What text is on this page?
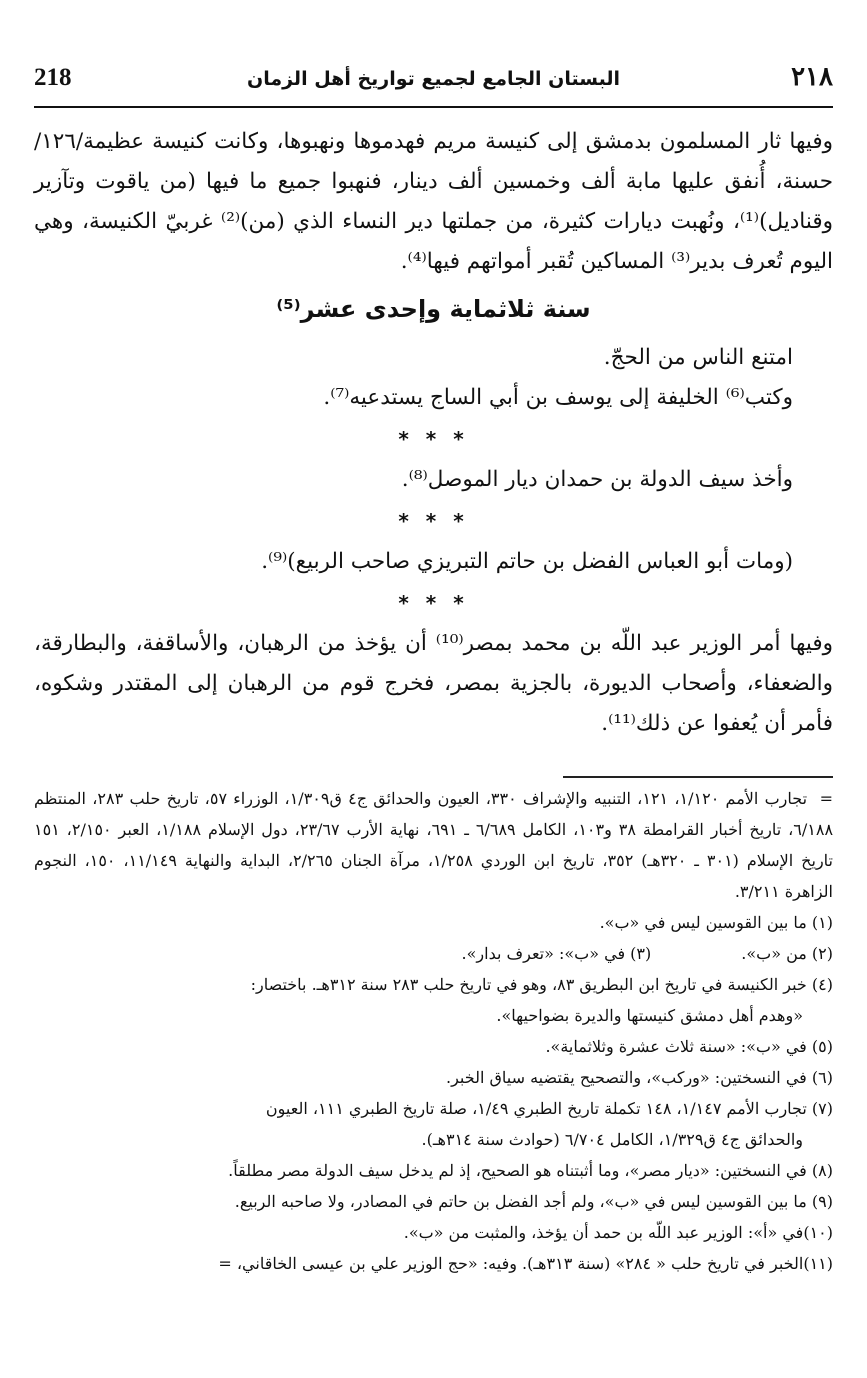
218	البستان الجامع لجميع تواريخ أهل الزمان	٢١٨

وفيها ثار المسلمون بدمشق إلى كنيسة مريم فهدموها ونهبوها، وكانت كنيسة عظيمة/١٢٦/حسنة، أُنفق عليها مابة ألف وخمسين ألف دينار، فنهبوا جميع ما فيها (من ياقوت وتآزير وقناديل)⁽¹⁾، ونُهبت ديارات كثيرة، من جملتها دير النساء الذي (من)⁽²⁾ غربيّ الكنيسة، وهي اليوم تُعرف بدير⁽³⁾ المساكين تُقبر أمواتهم فيها⁽⁴⁾.

سنة ثلاثماية وإحدى عشر⁽⁵⁾

امتنع الناس من الحجّ.

وكتب⁽⁶⁾ الخليفة إلى يوسف بن أبي الساج يستدعيه⁽⁷⁾.

* * *

وأخذ سيف الدولة بن حمدان ديار الموصل⁽⁸⁾.

* * *

(ومات أبو العباس الفضل بن حاتم التبريزي صاحب الربيع)⁽⁹⁾.

* * *

وفيها أمر الوزير عبد اللّه بن محمد بمصر⁽¹⁰⁾ أن يؤخذ من الرهبان، والأساقفة، والبطارقة، والضعفاء، وأصحاب الديورة، بالجزية بمصر، فخرج قوم من الرهبان إلى المقتدر وشكوه، فأمر أن يُعفوا عن ذلك⁽¹¹⁾.

=تجارب الأمم ١/١٢٠، ١٢١، التنبيه والإشراف ٣٣٠، العيون والحدائق ج٤ ق١/٣٠٩، الوزراء ٥٧، تاريخ حلب ٢٨٣، المنتظم ٦/١٨٨، تاريخ أخبار القرامطة ٣٨ و١٠٣، الكامل ٦/٦٨٩ ـ ٦٩١، نهاية الأرب ٢٣/٦٧، دول الإسلام ١/١٨٨، العبر ٢/١٥٠، ١٥١ تاريخ الإسلام (٣٠١ ـ ٣٢٠هـ) ٣٥٢، تاريخ ابن الوردي ١/٢٥٨، مرآة الجنان ٢/٢٦٥، البداية والنهاية ١١/١٤٩، ١٥٠، النجوم الزاهرة ٣/٢١١.

(١) ما بين القوسين ليس في «ب».

(٢) من «ب».
(٣) في «ب»: «تعرف بدار».

(٤) خبر الكنيسة في تاريخ ابن البطريق ٨٣، وهو في تاريخ حلب ٢٨٣ سنة ٣١٢هـ. باختصار:

«وهدم أهل دمشق كنيستها والديرة بضواحيها».

(٥) في «ب»: «سنة ثلاث عشرة وثلاثماية».

(٦) في النسختين: «وركب»، والتصحيح يقتضيه سياق الخبر.

(٧) تجارب الأمم ١/١٤٧، ١٤٨ تكملة تاريخ الطبري ١/٤٩، صلة تاريخ الطبري ١١١، العيون

والحدائق ج٤ ق١/٣٢٩، الكامل ٦/٧٠٤ (حوادث سنة ٣١٤هـ).

(٨) في النسختين: «ديار مصر»، وما أثبتناه هو الصحيح، إذ لم يدخل سيف الدولة مصر مطلقاً.

(٩) ما بين القوسين ليس في «ب»، ولم أجد الفضل بن حاتم في المصادر، ولا صاحبه الربيع.

(١٠)في «أ»: الوزير عبد اللّه بن حمد أن يؤخذ، والمثبت من «ب».

(١١)الخبر في تاريخ حلب « ٢٨٤» (سنة ٣١٣هـ). وفيه: «حج الوزير علي بن عيسى الخاقاني، =
